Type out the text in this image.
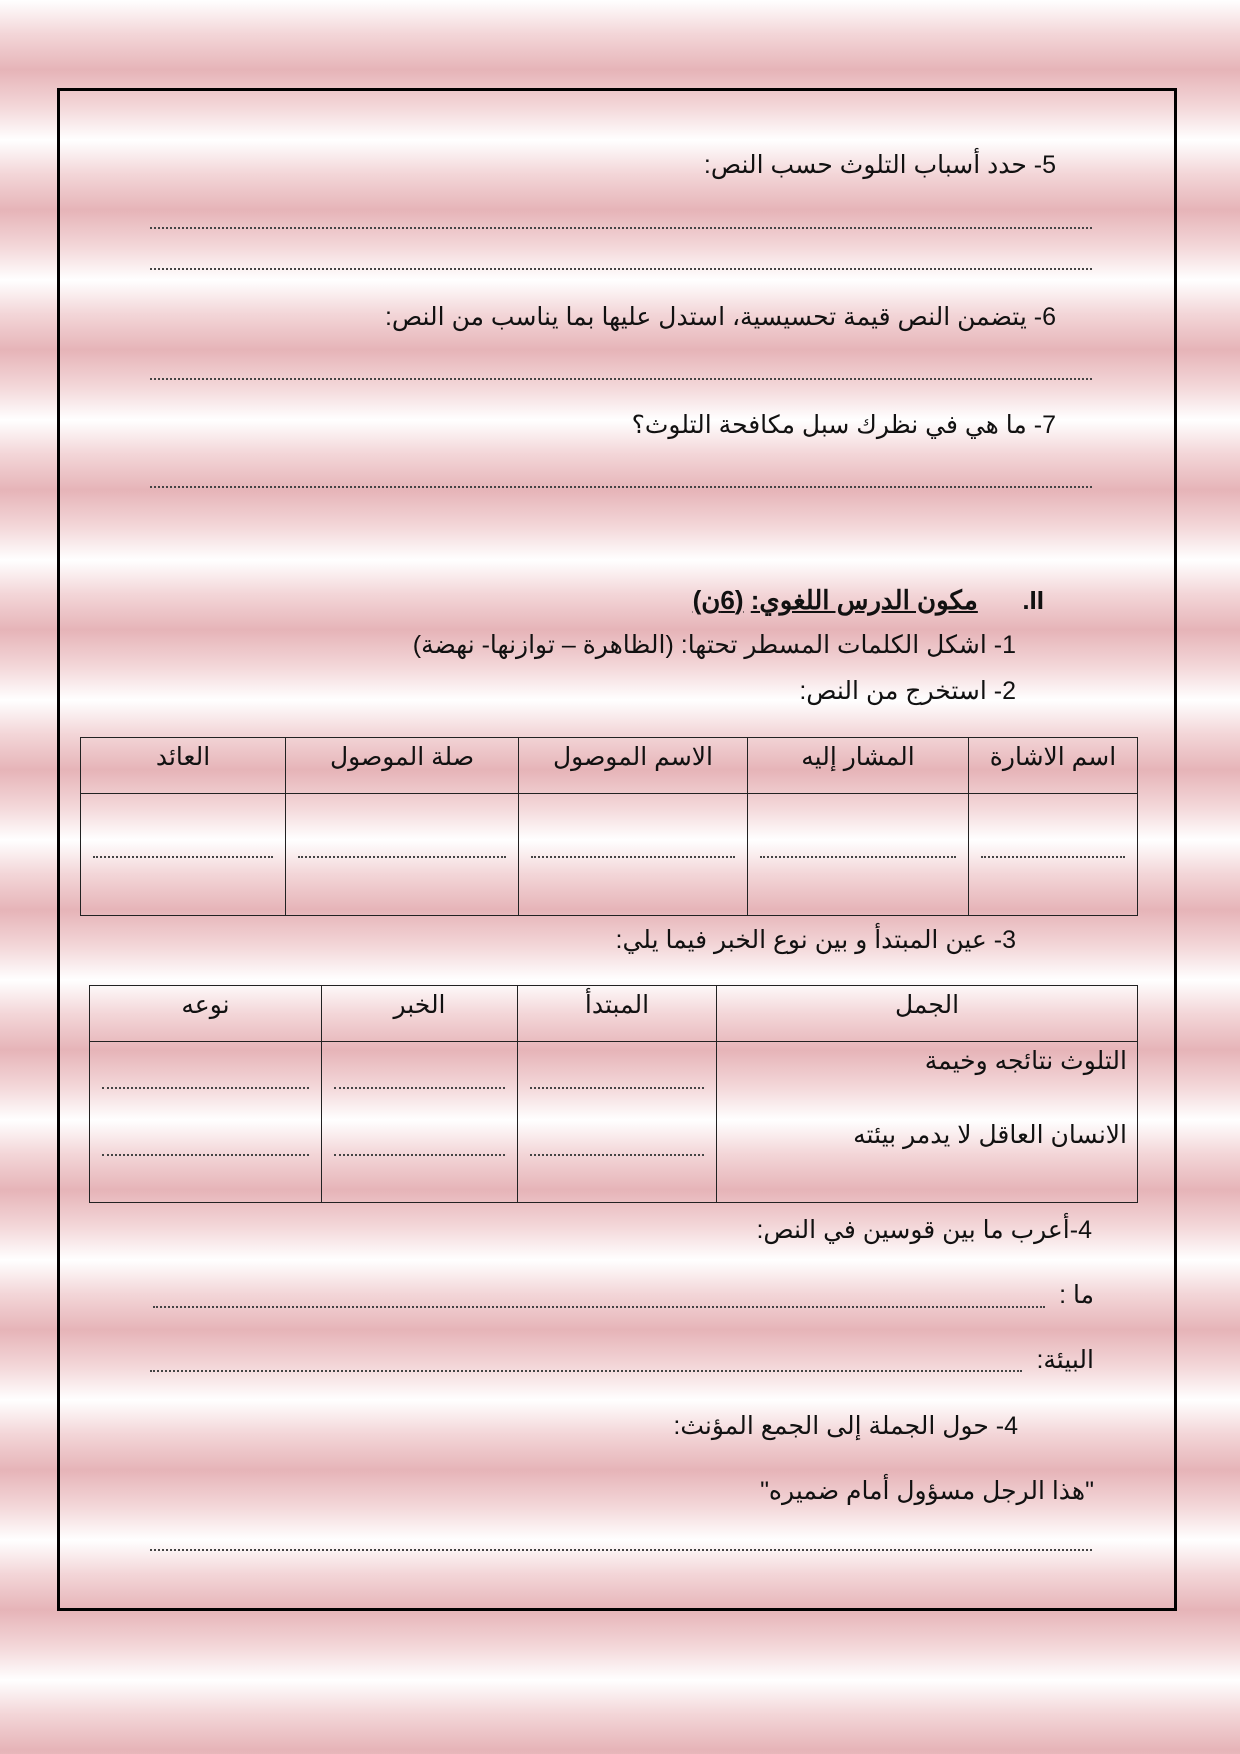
5- حدد أسباب التلوث حسب النص:
6- يتضمن النص قيمة تحسيسية، استدل عليها بما يناسب من النص:
7- ما هي في نظرك سبل مكافحة التلوث؟
II.  مكون الدرس اللغوي: (6ن)
1- اشكل الكلمات المسطر تحتها: (الظاهرة – توازنها- نهضة)
2- استخرج من النص:
اسم الاشارة	المشار إليه	الاسم الموصول	صلة الموصول	العائد

3- عين المبتدأ و بين نوع الخبر فيما يلي:
الجمل	المبتدأ	الخبر	نوعه

التلوث نتائجه وخيمة
الانسان العاقل لا يدمر بيئته			

4-أعرب ما بين قوسين في النص:
ما :
البيئة:
4- حول الجملة إلى الجمع المؤنث:
"هذا الرجل مسؤول أمام ضميره"
